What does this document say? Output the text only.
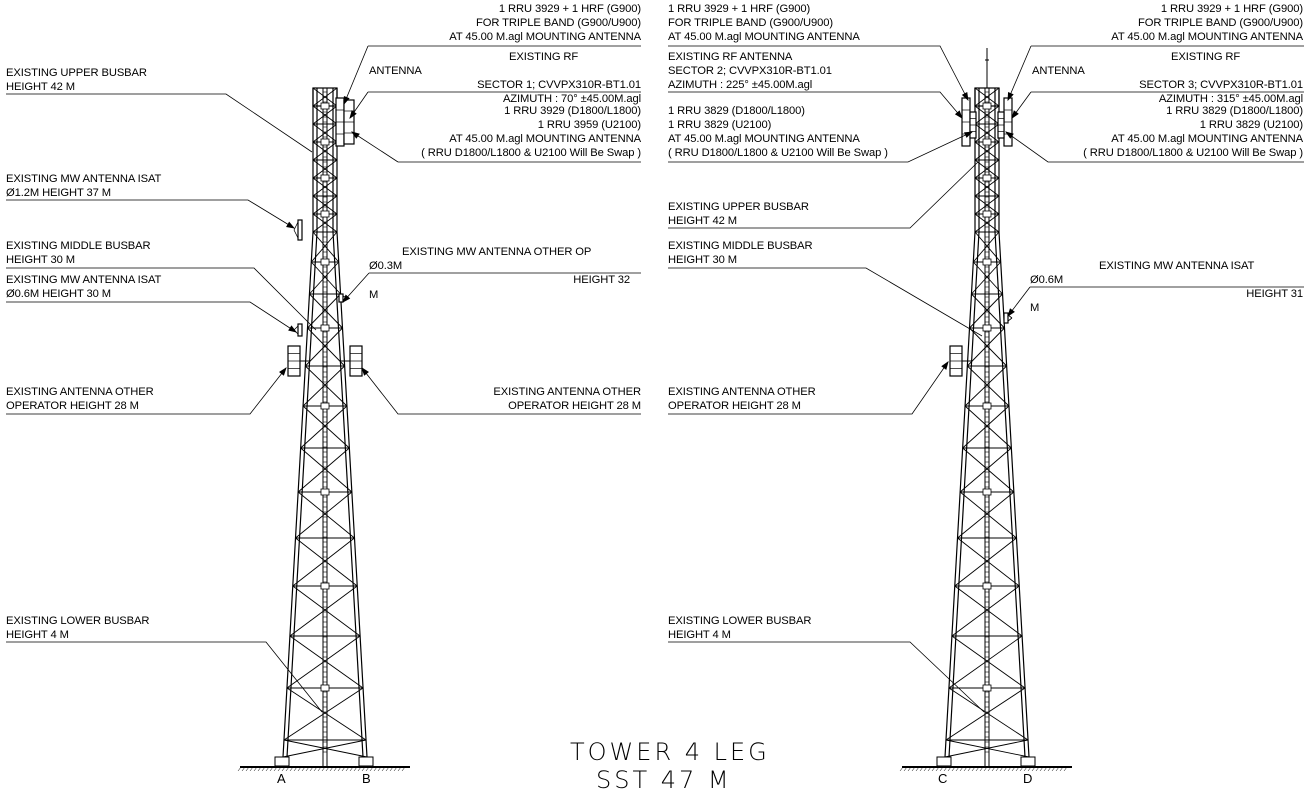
1 RRU 3929 + 1 HRF (G900)
FOR TRIPLE BAND (G900/U900)
AT 45.00 M.agl MOUNTING ANTENNA
EXISTING RF
ANTENNA
SECTOR 1; CVVPX310R-BT1.01
AZIMUTH : 70° ±45.00M.agl
1 RRU 3929 (D1800/L1800)
1 RRU 3959 (U2100)
AT 45.00 M.agl MOUNTING ANTENNA
( RRU D1800/L1800 & U2100 Will Be Swap )
EXISTING UPPER BUSBAR
HEIGHT 42 M
EXISTING MW ANTENNA ISAT
Ø1.2M HEIGHT 37 M
EXISTING MIDDLE BUSBAR
HEIGHT 30 M
EXISTING MW ANTENNA ISAT
Ø0.6M HEIGHT 30 M
EXISTING MW ANTENNA OTHER OP
Ø0.3M
M
HEIGHT 32
EXISTING ANTENNA OTHER
OPERATOR HEIGHT 28 M
EXISTING ANTENNA OTHER
OPERATOR HEIGHT 28 M
EXISTING LOWER BUSBAR
HEIGHT 4 M
1 RRU 3929 + 1 HRF (G900)
FOR TRIPLE BAND (G900/U900)
AT 45.00 M.agl MOUNTING ANTENNA
EXISTING RF ANTENNA
SECTOR 2; CVVPX310R-BT1.01
AZIMUTH : 225° ±45.00M.agl
1 RRU 3829 (D1800/L1800)
1 RRU 3829 (U2100)
AT 45.00 M.agl MOUNTING ANTENNA
( RRU D1800/L1800 & U2100 Will Be Swap )
1 RRU 3929 + 1 HRF (G900)
FOR TRIPLE BAND (G900/U900)
AT 45.00 M.agl MOUNTING ANTENNA
EXISTING RF
ANTENNA
SECTOR 3; CVVPX310R-BT1.01
AZIMUTH : 315° ±45.00M.agl
1 RRU 3829 (D1800/L1800)
1 RRU 3829 (U2100)
AT 45.00 M.agl MOUNTING ANTENNA
( RRU D1800/L1800 & U2100 Will Be Swap )
EXISTING UPPER BUSBAR
HEIGHT 42 M
EXISTING MIDDLE BUSBAR
HEIGHT 30 M	EXISTING MW ANTENNA ISAT
Ø0.6M
M
HEIGHT 31
EXISTING ANTENNA OTHER
OPERATOR HEIGHT 28 M
EXISTING LOWER BUSBAR
HEIGHT 4 M
TOWER 4 LEG
SST 47 M
A	B	C	D
